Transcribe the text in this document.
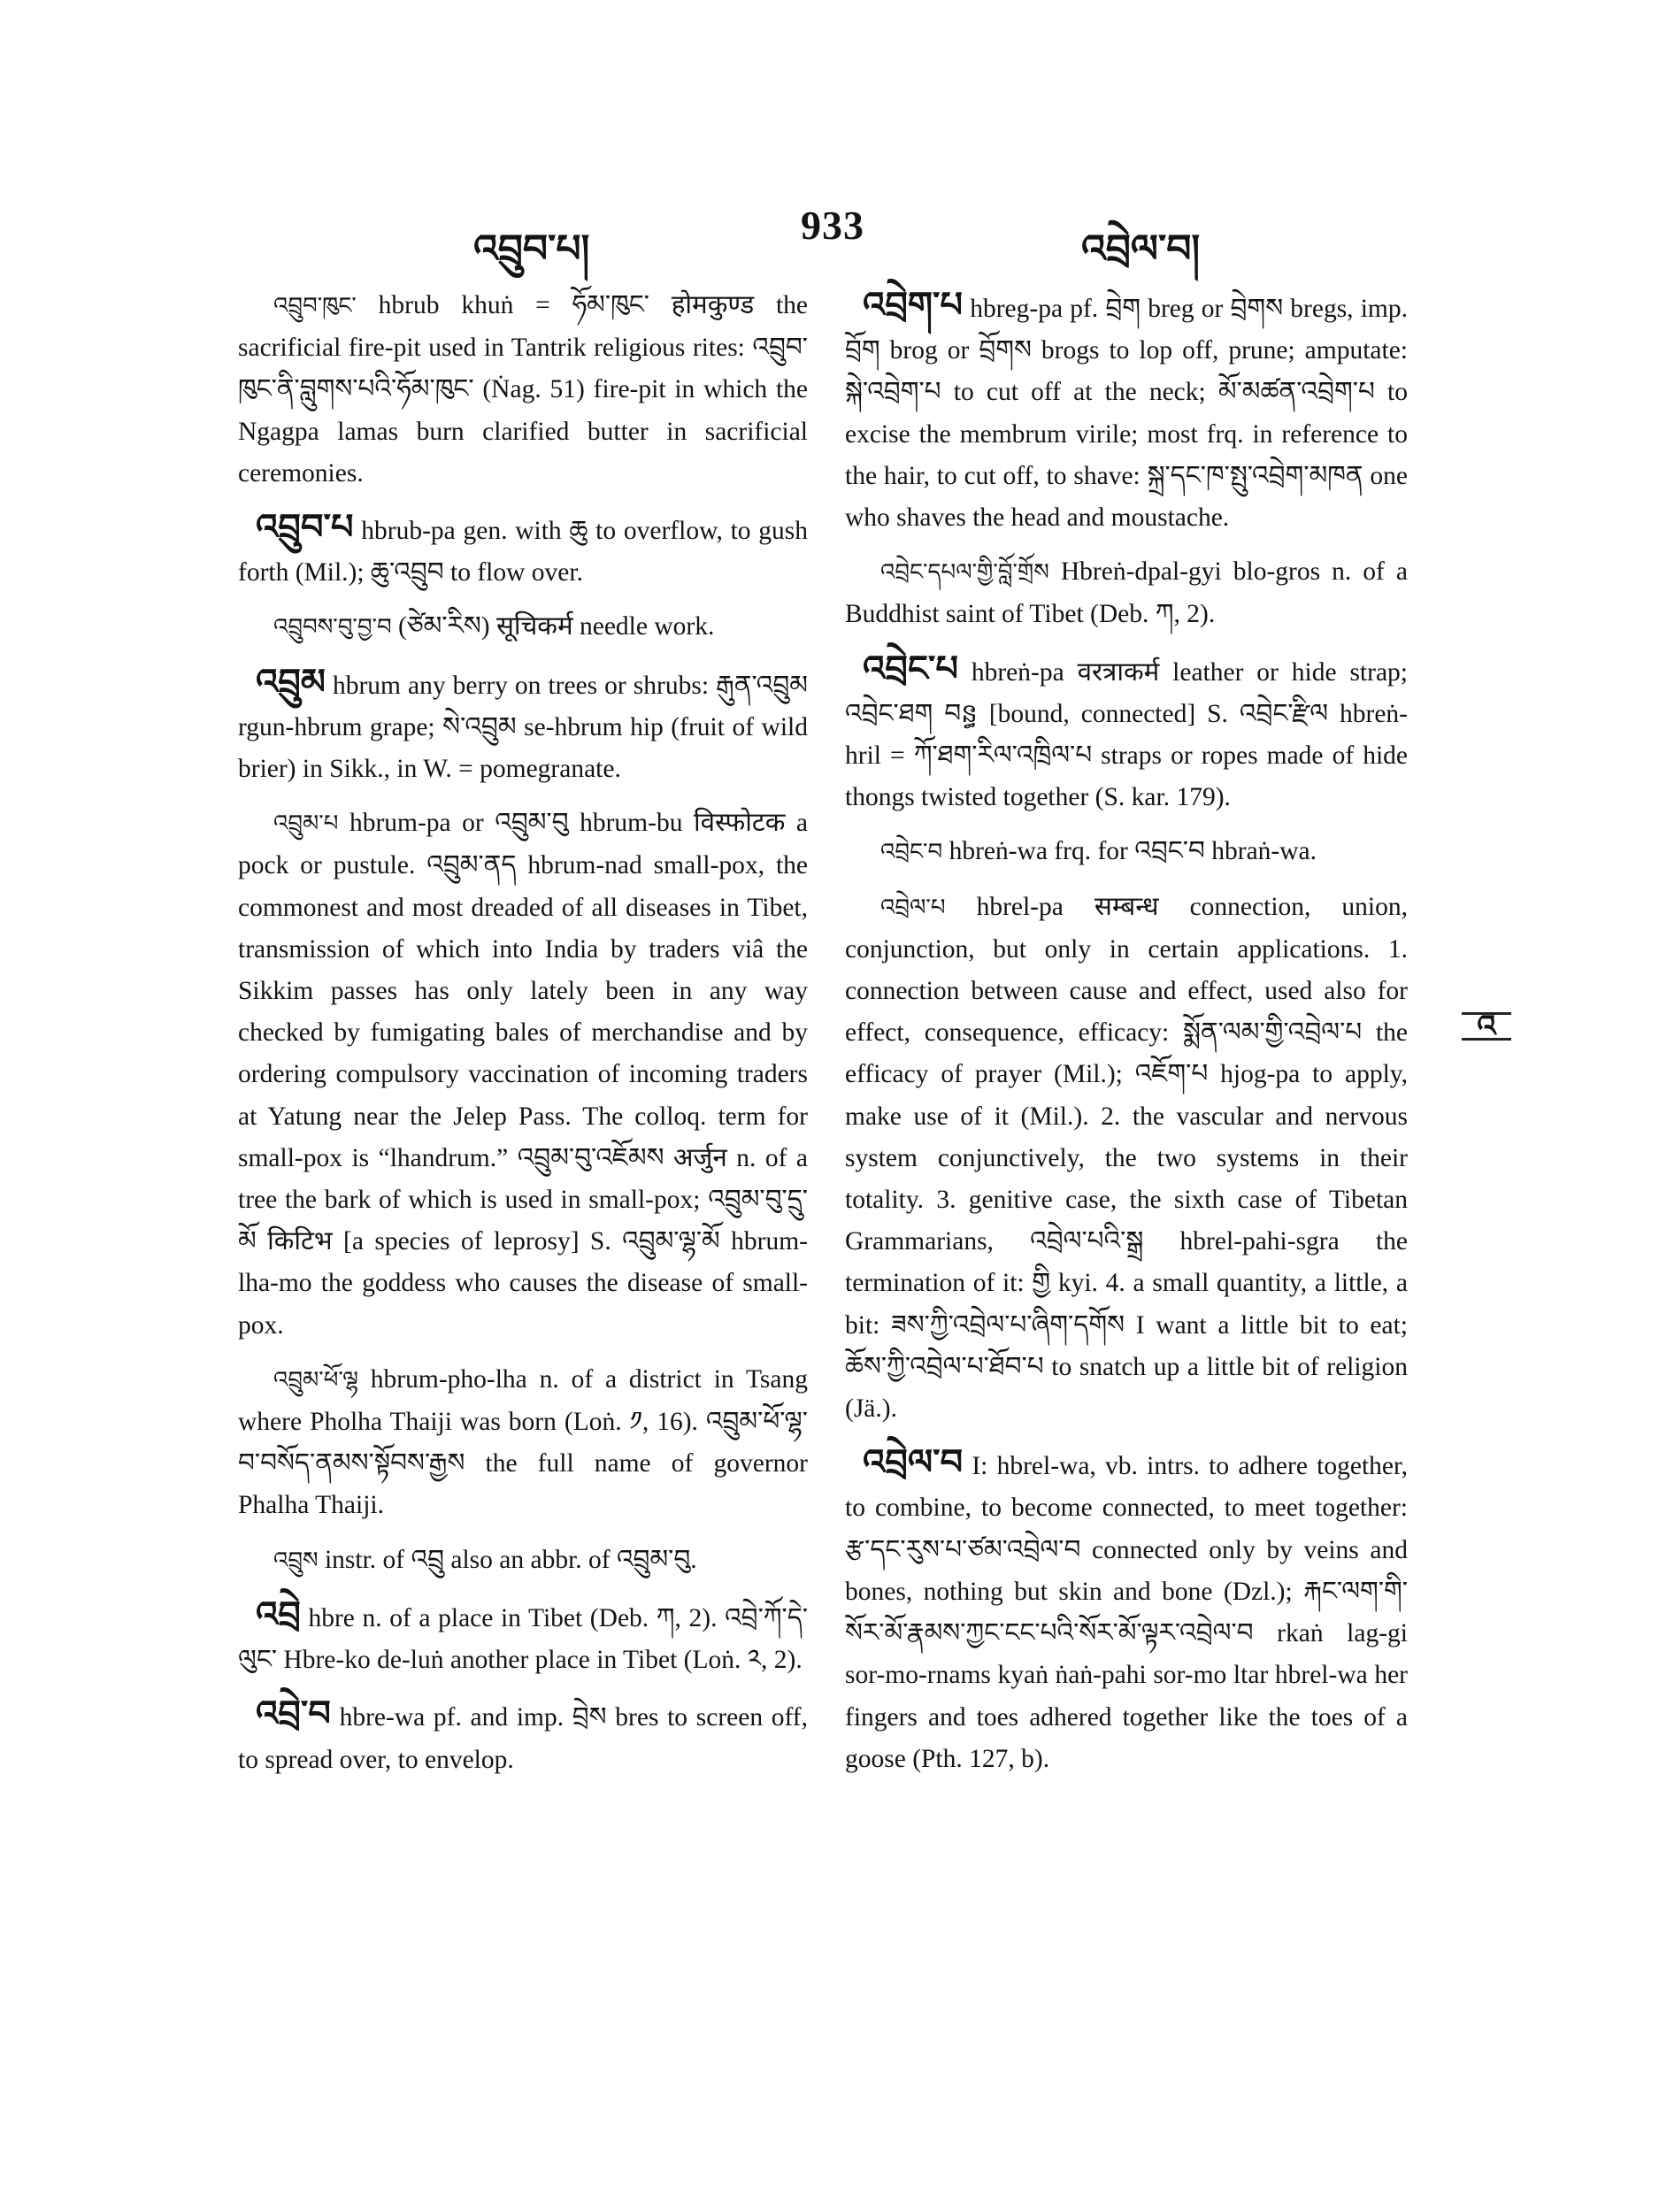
འབྲུབ་པ།
933
འབྲེལ་བ།

འབྲུབ་ཁུང་ hbrub khuṅ = ཧོམ་ཁུང་ होमकुण्ड the sacrificial fire-pit used in Tantrik religious rites: འབྲུབ་ཁུང་ནི་བླུགས་པའི་ཧོམ་ཁུང་ (Ṅag. 51) fire-pit in which the Ngagpa lamas burn clarified butter in sacrificial ceremonies.

འབྲུབ་པ hbrub-pa gen. with ཆུ to overflow, to gush forth (Mil.); ཆུ་འབྲུབ to flow over.

འབྲུབས་བུ་བྱ་བ (ཙེམ་རིས) सूचिकर्म needle work.

འབྲུམ hbrum any berry on trees or shrubs: རྒུན་འབྲུམ rgun-hbrum grape; སེ་འབྲུམ se-hbrum hip (fruit of wild brier) in Sikk., in W. = pomegranate.

འབྲུམ་པ hbrum-pa or འབྲུམ་བུ hbrum-bu विस्फोटक a pock or pustule. འབྲུམ་ནད hbrum-nad small-pox, the commonest and most dreaded of all diseases in Tibet, transmission of which into India by traders viâ the Sikkim passes has only lately been in any way checked by fumigating bales of merchandise and by ordering compulsory vaccination of incoming traders at Yatung near the Jelep Pass. The colloq. term for small-pox is “lhandrum.” འབྲུམ་བུ་འཇོམས अर्जुन n. of a tree the bark of which is used in small-pox; འབྲུམ་བུ་དྲུ་མོ किटिभ [a species of leprosy] S. འབྲུམ་ལྷ་མོ hbrum-lha-mo the goddess who causes the disease of small-pox.

འབྲུམ་ཕོ་ལྷ hbrum-pho-lha n. of a district in Tsang where Pholha Thaiji was born (Loṅ. ༡, 16). འབྲུམ་ཕོ་ལྷ་བ་བསོད་ནམས་སྟོབས་རྒྱས the full name of governor Phalha Thaiji.

འབྲུས instr. of འབྲུ also an abbr. of འབྲུམ་བུ.

འབྲེ hbre n. of a place in Tibet (Deb. ཀ, 2). འབྲེ་ཀོ་དེ་ལུང་ Hbre-ko de-luṅ another place in Tibet (Loṅ. ༢, 2).

འབྲེ་བ hbre-wa pf. and imp. བྲེས bres to screen off, to spread over, to envelop.

འབྲེག་པ hbreg-pa pf. བྲེག breg or བྲེགས bregs, imp. བྲོག brog or བྲོགས brogs to lop off, prune; amputate: སྐེ་འབྲེག་པ to cut off at the neck; མོ་མཚན་འབྲེག་པ to excise the membrum virile; most frq. in reference to the hair, to cut off, to shave: སྐྲ་དང་ཁ་སྤུ་འབྲེག་མཁན one who shaves the head and moustache.

འབྲེང་དཔལ་གྱི་བློ་གྲོས Hbreṅ-dpal-gyi blo-gros n. of a Buddhist saint of Tibet (Deb. ཀ, 2).

འབྲེང་པ hbreṅ-pa वरत्राकर्म leather or hide strap; འབྲེང་ཐག བន្ធ [bound, connected] S. འབྲེང་རྫིལ hbreṅ-hril = ཀོ་ཐག་རིལ་འཁྲིལ་པ straps or ropes made of hide thongs twisted together (S. kar. 179).

འབྲེང་བ hbreṅ-wa frq. for འབྲང་བ hbraṅ-wa.

འབྲེལ་པ hbrel-pa सम्बन्ध connection, union, conjunction, but only in certain applications. 1. connection between cause and effect, used also for effect, consequence, efficacy: སྨོན་ལམ་གྱི་འབྲེལ་པ the efficacy of prayer (Mil.); འཇོག་པ hjog-pa to apply, make use of it (Mil.). 2. the vascular and nervous system conjunctively, the two systems in their totality. 3. genitive case, the sixth case of Tibetan Grammarians, འབྲེལ་པའི་སྒྲ hbrel-pahi-sgra the termination of it: གྱི kyi. 4. a small quantity, a little, a bit: ཟས་ཀྱི་འབྲེལ་པ་ཞིག་དགོས I want a little bit to eat; ཆོས་ཀྱི་འབྲེལ་པ་ཐོབ་པ to snatch up a little bit of religion (Jä.).

འབྲེལ་བ I: hbrel-wa, vb. intrs. to adhere together, to combine, to become connected, to meet together: རྩ་དང་རུས་པ་ཙམ་འབྲེལ་བ connected only by veins and bones, nothing but skin and bone (Dzl.); རྐང་ལག་གི་སོར་མོ་རྣམས་ཀྱང་ངང་པའི་སོར་མོ་ལྟར་འབྲེལ་བ rkaṅ lag-gi sor-mo-rnams kyaṅ ṅaṅ-pahi sor-mo ltar hbrel-wa her fingers and toes adhered together like the toes of a goose (Pth. 127, b).

འ
